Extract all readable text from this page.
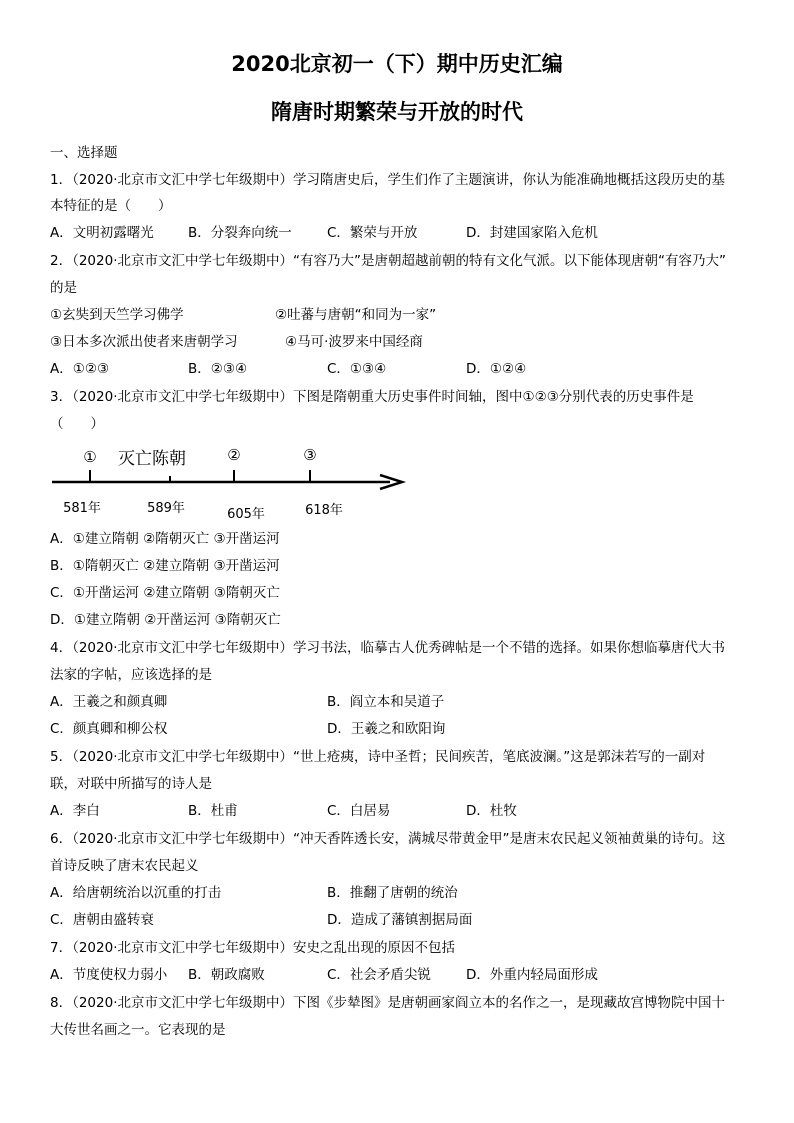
2020北京初一（下）期中历史汇编
隋唐时期繁荣与开放的时代
一、选择题
1．（2020·北京市文汇中学七年级期中）学习隋唐史后，学生们作了主题演讲，你认为能准确地概括这段历史的基
本特征的是（　　）
A．文明初露曙光	B．分裂奔向统一	C．繁荣与开放	D．封建国家陷入危机
2．（2020·北京市文汇中学七年级期中）“有容乃大”是唐朝超越前朝的特有文化气派。以下能体现唐朝“有容乃大”
的是
①玄奘到天竺学习佛学	②吐蕃与唐朝“和同为一家”
③日本多次派出使者来唐朝学习	④马可·波罗来中国经商
A．①②③	B．②③④	C．①③④	D．①②④
3．（2020·北京市文汇中学七年级期中）下图是隋朝重大历史事件时间轴，图中①②③分别代表的历史事件是
（　　）
① 灭亡陈朝	②	③
581年	589年	605年	618年
A．①建立隋朝 ②隋朝灭亡 ③开凿运河
B．①隋朝灭亡 ②建立隋朝 ③开凿运河
C．①开凿运河 ②建立隋朝 ③隋朝灭亡
D．①建立隋朝 ②开凿运河 ③隋朝灭亡
4．（2020·北京市文汇中学七年级期中）学习书法，临摹古人优秀碑帖是一个不错的选择。如果你想临摹唐代大书
法家的字帖，应该选择的是
A．王羲之和颜真卿	B．阎立本和吴道子
C．颜真卿和柳公权	D．王羲之和欧阳询
5．（2020·北京市文汇中学七年级期中）“世上疮痍，诗中圣哲；民间疾苦，笔底波澜。”这是郭沫若写的一副对
联，对联中所描写的诗人是
A．李白	B．杜甫	C．白居易	D．杜牧
6．（2020·北京市文汇中学七年级期中）“冲天香阵透长安，满城尽带黄金甲”是唐末农民起义领袖黄巢的诗句。这
首诗反映了唐末农民起义
A．给唐朝统治以沉重的打击	B．推翻了唐朝的统治
C．唐朝由盛转衰	D．造成了藩镇割据局面
7．（2020·北京市文汇中学七年级期中）安史之乱出现的原因不包括
A．节度使权力弱小 B．朝政腐败	C．社会矛盾尖锐	D．外重内轻局面形成
8．（2020·北京市文汇中学七年级期中）下图《步辇图》是唐朝画家阎立本的名作之一，是现藏故宫博物院中国十
大传世名画之一。它表现的是
